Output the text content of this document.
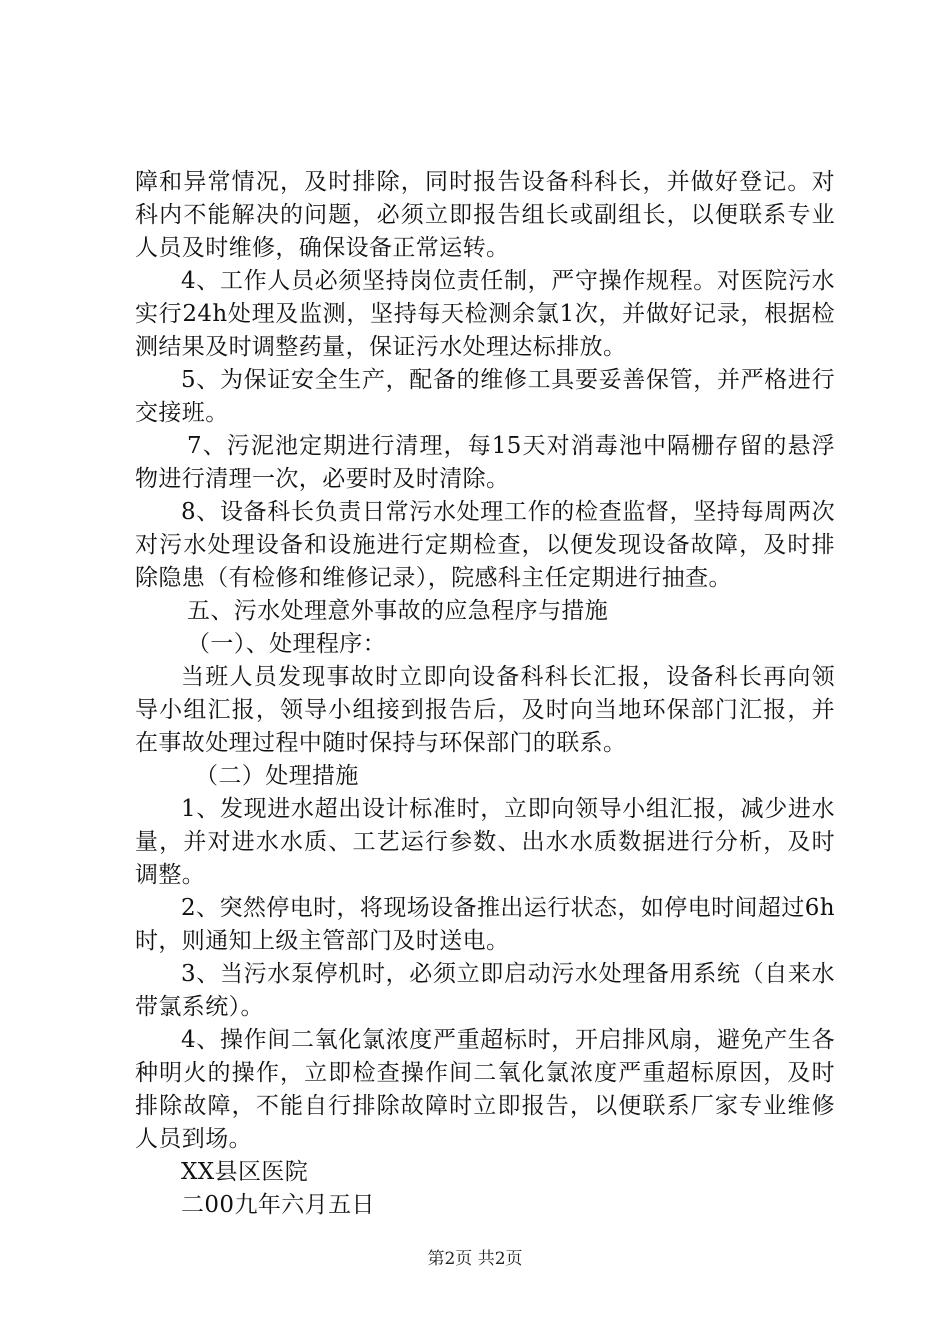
障和异常情况，及时排除，同时报告设备科科长，并做好登记。对科内不能解决的问题，必须立即报告组长或副组长，以便联系专业人员及时维修，确保设备正常运转。

4、工作人员必须坚持岗位责任制，严守操作规程。对医院污水实行24h处理及监测，坚持每天检测余氯1次，并做好记录，根据检测结果及时调整药量，保证污水处理达标排放。

5、为保证安全生产，配备的维修工具要妥善保管，并严格进行交接班。

7、污泥池定期进行清理，每15天对消毒池中隔栅存留的悬浮物进行清理一次，必要时及时清除。

8、设备科长负责日常污水处理工作的检查监督，坚持每周两次对污水处理设备和设施进行定期检查，以便发现设备故障，及时排除隐患（有检修和维修记录），院感科主任定期进行抽查。

五、污水处理意外事故的应急程序与措施

（一）、处理程序：

当班人员发现事故时立即向设备科科长汇报，设备科长再向领导小组汇报，领导小组接到报告后，及时向当地环保部门汇报，并在事故处理过程中随时保持与环保部门的联系。

（二）处理措施

1、发现进水超出设计标准时，立即向领导小组汇报，减少进水量，并对进水水质、工艺运行参数、出水水质数据进行分析，及时调整。

2、突然停电时，将现场设备推出运行状态，如停电时间超过6h时，则通知上级主管部门及时送电。

3、当污水泵停机时，必须立即启动污水处理备用系统（自来水带氯系统）。

4、操作间二氧化氯浓度严重超标时，开启排风扇，避免产生各种明火的操作，立即检查操作间二氧化氯浓度严重超标原因，及时排除故障，不能自行排除故障时立即报告，以便联系厂家专业维修人员到场。

XX县区医院

二00九年六月五日

第2页 共2页
